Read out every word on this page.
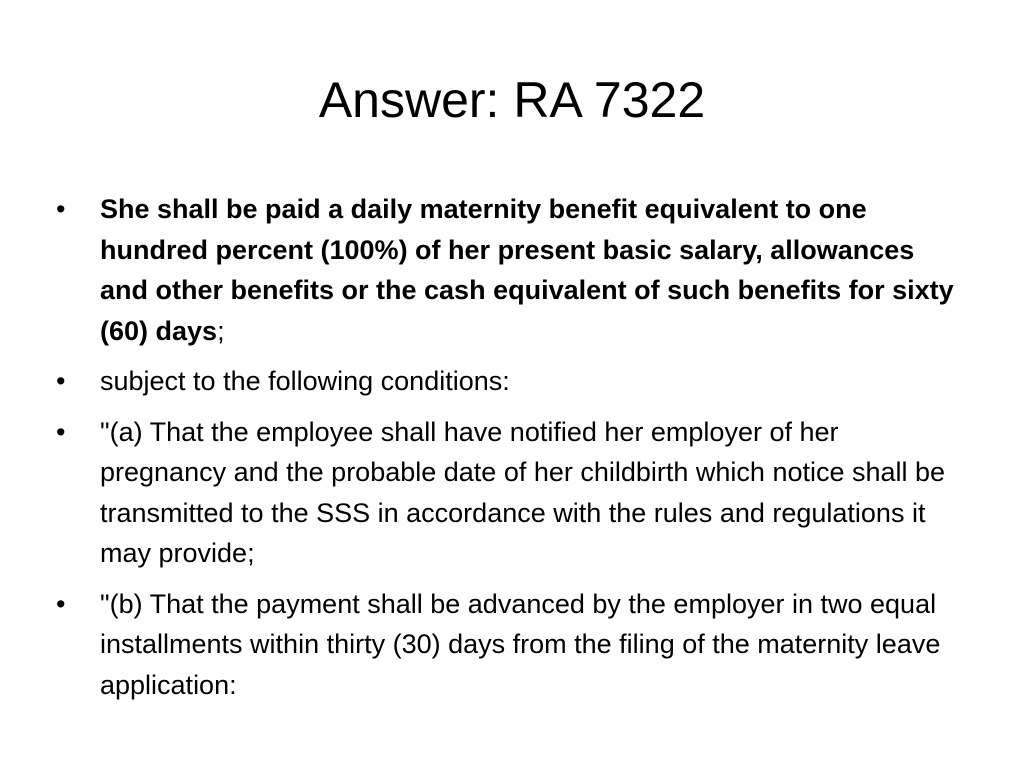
Answer: RA 7322
•	She shall be paid a daily maternity benefit equivalent to one hundred percent (100%) of her present basic salary, allowances and other benefits or the cash equivalent of such benefits for sixty (60) days;
•	subject to the following conditions:
•	"(a) That the employee shall have notified her employer of her pregnancy and the probable date of her childbirth which notice shall be transmitted to the SSS in accordance with the rules and regulations it may provide;
•	"(b) That the payment shall be advanced by the employer in two equal installments within thirty (30) days from the filing of the maternity leave application:
